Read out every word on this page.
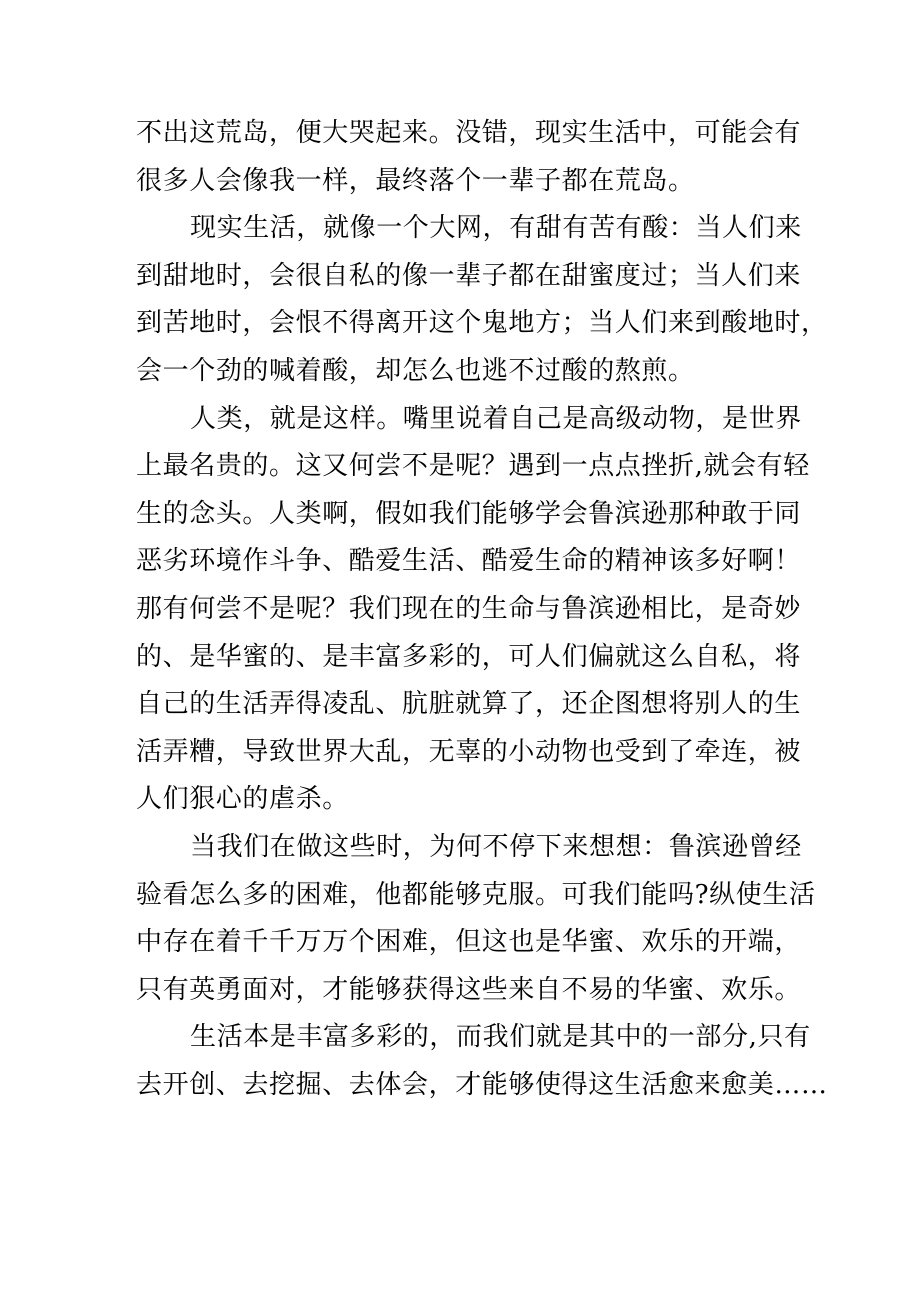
不出这荒岛，便大哭起来。没错，现实生活中，可能会有
很多人会像我一样，最终落个一辈子都在荒岛。

现实生活，就像一个大网，有甜有苦有酸：当人们来
到甜地时，会很自私的像一辈子都在甜蜜度过；当人们来
到苦地时，会恨不得离开这个鬼地方；当人们来到酸地时，
会一个劲的喊着酸，却怎么也逃不过酸的熬煎。

人类，就是这样。嘴里说着自己是高级动物，是世界
上最名贵的。这又何尝不是呢？遇到一点点挫折,就会有轻
生的念头。人类啊，假如我们能够学会鲁滨逊那种敢于同
恶劣环境作斗争、酷爱生活、酷爱生命的精神该多好啊！
那有何尝不是呢？我们现在的生命与鲁滨逊相比，是奇妙
的、是华蜜的、是丰富多彩的，可人们偏就这么自私，将
自己的生活弄得凌乱、肮脏就算了，还企图想将别人的生
活弄糟，导致世界大乱，无辜的小动物也受到了牵连，被
人们狠心的虐杀。

当我们在做这些时，为何不停下来想想：鲁滨逊曾经
验看怎么多的困难，他都能够克服。可我们能吗?纵使生活
中存在着千千万万个困难，但这也是华蜜、欢乐的开端，
只有英勇面对，才能够获得这些来自不易的华蜜、欢乐。

生活本是丰富多彩的，而我们就是其中的一部分,只有
去开创、去挖掘、去体会，才能够使得这生活愈来愈美……
